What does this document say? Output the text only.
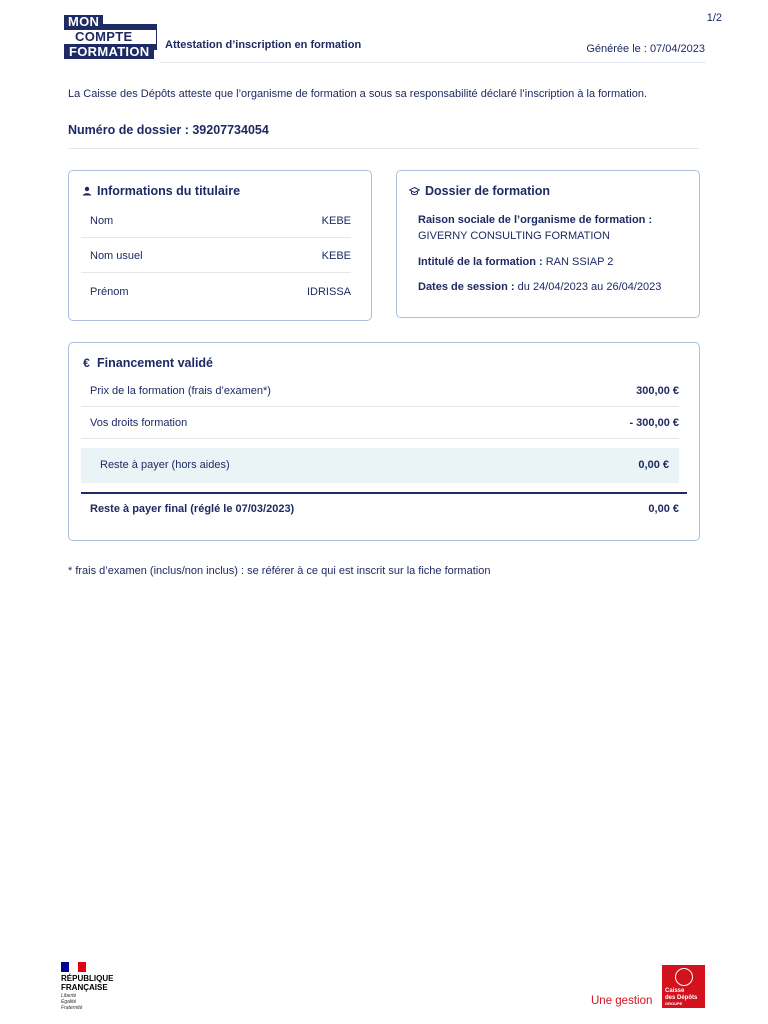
1/2
MON
COMPTE
FORMATION	Attestation d’inscription en formation	Générée le : 07/04/2023
La Caisse des Dépôts atteste que l’organisme de formation a sous sa responsabilité déclaré l’inscription à la formation.
Numéro de dossier : 39207734054
Informations du titulaire
Nom	KEBE
Nom usuel	KEBE
Prénom	IDRISSA
Dossier de formation
Raison sociale de l’organisme de formation :
GIVERNY CONSULTING FORMATION
Intitulé de la formation : RAN SSIAP 2
Dates de session : du 24/04/2023 au 26/04/2023
€ Financement validé
Prix de la formation (frais d’examen*)	300,00 €
Vos droits formation	- 300,00 €
Reste à payer (hors aides)	0,00 €
Reste à payer final (réglé le 07/03/2023)	0,00 €
* frais d’examen (inclus/non inclus) : se référer à ce qui est inscrit sur la fiche formation
RÉPUBLIQUE
FRANÇAISE
Liberté
Égalité
Fraternité
Une gestion
Caisse
des Dépôts
GROUPE
